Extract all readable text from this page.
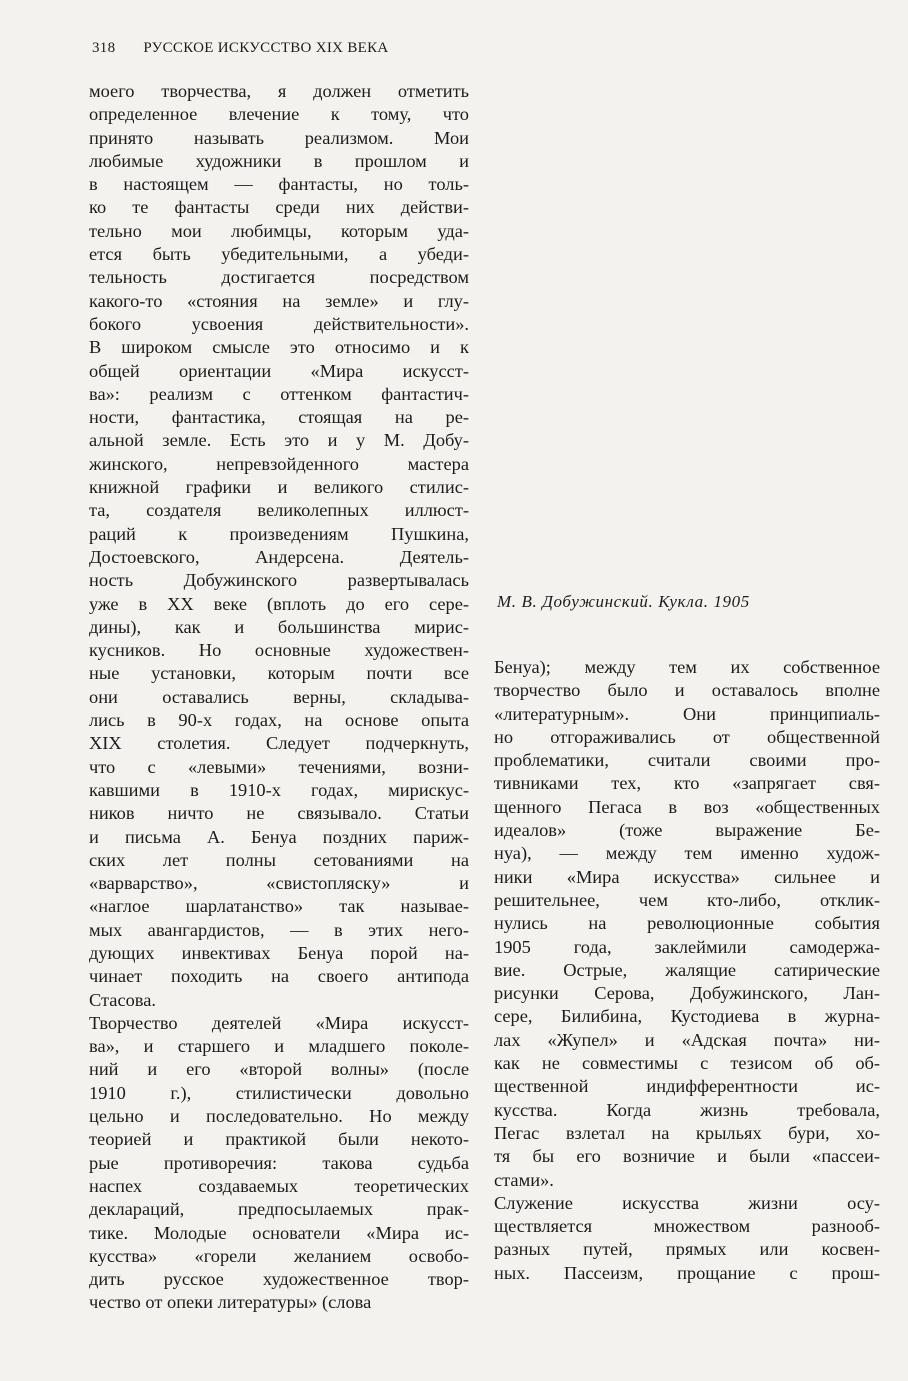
318 РУССКОЕ ИСКУССТВО XIX ВЕКА
М. В. Добужинский. Кукла. 1905
моего творчества, я должен отметить
определенное влечение к тому, что
принято называть реализмом. Мои
любимые художники в прошлом и
в настоящем — фантасты, но толь-
ко те фантасты среди них действи-
тельно мои любимцы, которым уда-
ется быть убедительными, а убеди-
тельность достигается посредством
какого-то «стояния на земле» и глу-
бокого усвоения действительности».
В широком смысле это относимо и к
общей ориентации «Мира искусст-
ва»: реализм с оттенком фантастич-
ности, фантастика, стоящая на ре-
альной земле. Есть это и у М. Добу-
жинского, непревзойденного мастера
книжной графики и великого стилис-
та, создателя великолепных иллюст-
раций к произведениям Пушкина,
Достоевского, Андерсена. Деятель-
ность Добужинского развертывалась
уже в XX веке (вплоть до его сере-
дины), как и большинства мирис-
кусников. Но основные художествен-
ные установки, которым почти все
они оставались верны, складыва-
лись в 90-х годах, на основе опыта
XIX столетия. Следует подчеркнуть,
что с «левыми» течениями, возни-
кавшими в 1910-х годах, мирискус-
ников ничто не связывало. Статьи
и письма А. Бенуа поздних париж-
ских лет полны сетованиями на
«варварство», «свистопляску» и
«наглое шарлатанство» так называе-
мых авангардистов, — в этих него-
дующих инвективах Бенуа порой на-
чинает походить на своего антипода
Стасова.
Творчество деятелей «Мира искусст-
ва», и старшего и младшего поколе-
ний и его «второй волны» (после
1910 г.), стилистически довольно
цельно и последовательно. Но между
теорией и практикой были некото-
рые противоречия: такова судьба
наспех создаваемых теоретических
деклараций, предпосылаемых прак-
тике. Молодые основатели «Мира ис-
кусства» «горели желанием освобо-
дить русское художественное твор-
чество от опеки литературы» (слова
Бенуа); между тем их собственное
творчество было и оставалось вполне
«литературным». Они принципиаль-
но отгораживались от общественной
проблематики, считали своими про-
тивниками тех, кто «запрягает свя-
щенного Пегаса в воз «общественных
идеалов» (тоже выражение Бе-
нуа), — между тем именно худож-
ники «Мира искусства» сильнее и
решительнее, чем кто-либо, отклик-
нулись на революционные события
1905 года, заклеймили самодержа-
вие. Острые, жалящие сатирические
рисунки Серова, Добужинского, Лан-
сере, Билибина, Кустодиева в журна-
лах «Жупел» и «Адская почта» ни-
как не совместимы с тезисом об об-
щественной индифферентности ис-
кусства. Когда жизнь требовала,
Пегас взлетал на крыльях бури, хо-
тя бы его возничие и были «пассеи-
стами».
Служение искусства жизни осу-
ществляется множеством разнооб-
разных путей, прямых или косвен-
ных. Пассеизм, прощание с прош-
